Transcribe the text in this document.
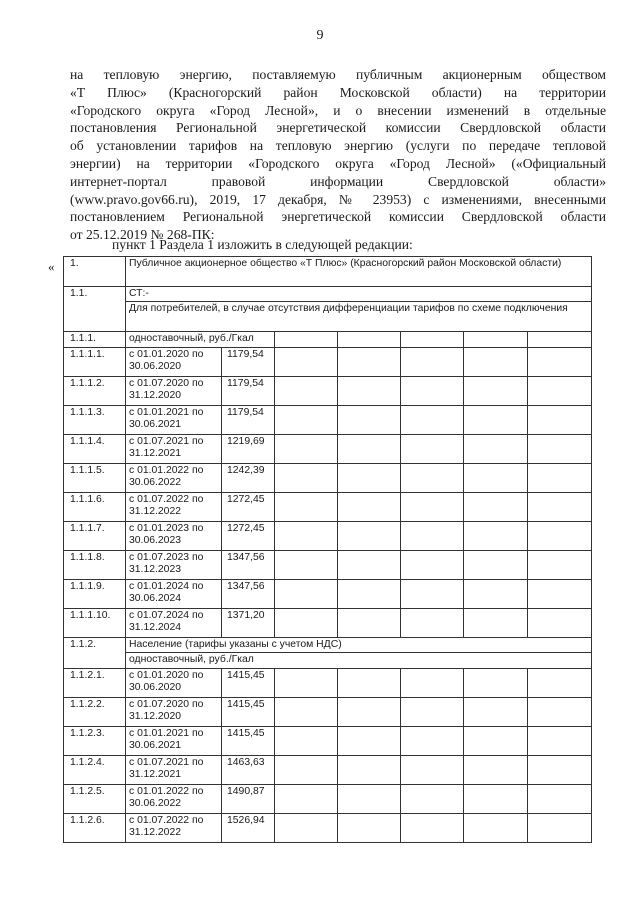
9
на тепловую энергию, поставляемую публичным акционерным обществом
«Т Плюс» (Красногорский район Московской области) на территории
«Городского округа «Город Лесной», и о внесении изменений в отдельные
постановления Региональной энергетической комиссии Свердловской области
об установлении тарифов на тепловую энергию (услуги по передаче тепловой
энергии) на территории «Городского округа «Город Лесной» («Официальный
интернет-портал правовой информации Свердловской области»
(www.pravo.gov66.ru), 2019, 17 декабря, № 23953) с изменениями, внесенными
постановлением Региональной энергетической комиссии Свердловской области
от 25.12.2019 № 268-ПК:
пункт 1 Раздела 1 изложить в следующей редакции:
« 1.	Публичное акционерное общество «Т Плюс» (Красногорский район Московской области)						
1.1.	СТ:-						
	Для потребителей, в случае отсутствия дифференциации тарифов по схеме подключения						
1.1.1.	одноставочный, руб./Гкал						
1.1.1.1.	с 01.01.2020 по 30.06.2020	1179,54					
1.1.1.2.	с 01.07.2020 по 31.12.2020	1179,54					
1.1.1.3.	с 01.01.2021 по 30.06.2021	1179,54					
1.1.1.4.	с 01.07.2021 по 31.12.2021	1219,69					
1.1.1.5.	с 01.01.2022 по 30.06.2022	1242,39					
1.1.1.6.	с 01.07.2022 по 31.12.2022	1272,45					
1.1.1.7.	с 01.01.2023 по 30.06.2023	1272,45					
1.1.1.8.	с 01.07.2023 по 31.12.2023	1347,56					
1.1.1.9.	с 01.01.2024 по 30.06.2024	1347,56					
1.1.1.10.	с 01.07.2024 по 31.12.2024	1371,20					
1.1.2.	Население (тарифы указаны с учетом НДС)						
	одноставочный, руб./Гкал						
1.1.2.1.	с 01.01.2020 по 30.06.2020	1415,45					
1.1.2.2.	с 01.07.2020 по 31.12.2020	1415,45					
1.1.2.3.	с 01.01.2021 по 30.06.2021	1415,45					
1.1.2.4.	с 01.07.2021 по 31.12.2021	1463,63					
1.1.2.5.	с 01.01.2022 по 30.06.2022	1490,87					
1.1.2.6.	с 01.07.2022 по 31.12.2022	1526,94					
